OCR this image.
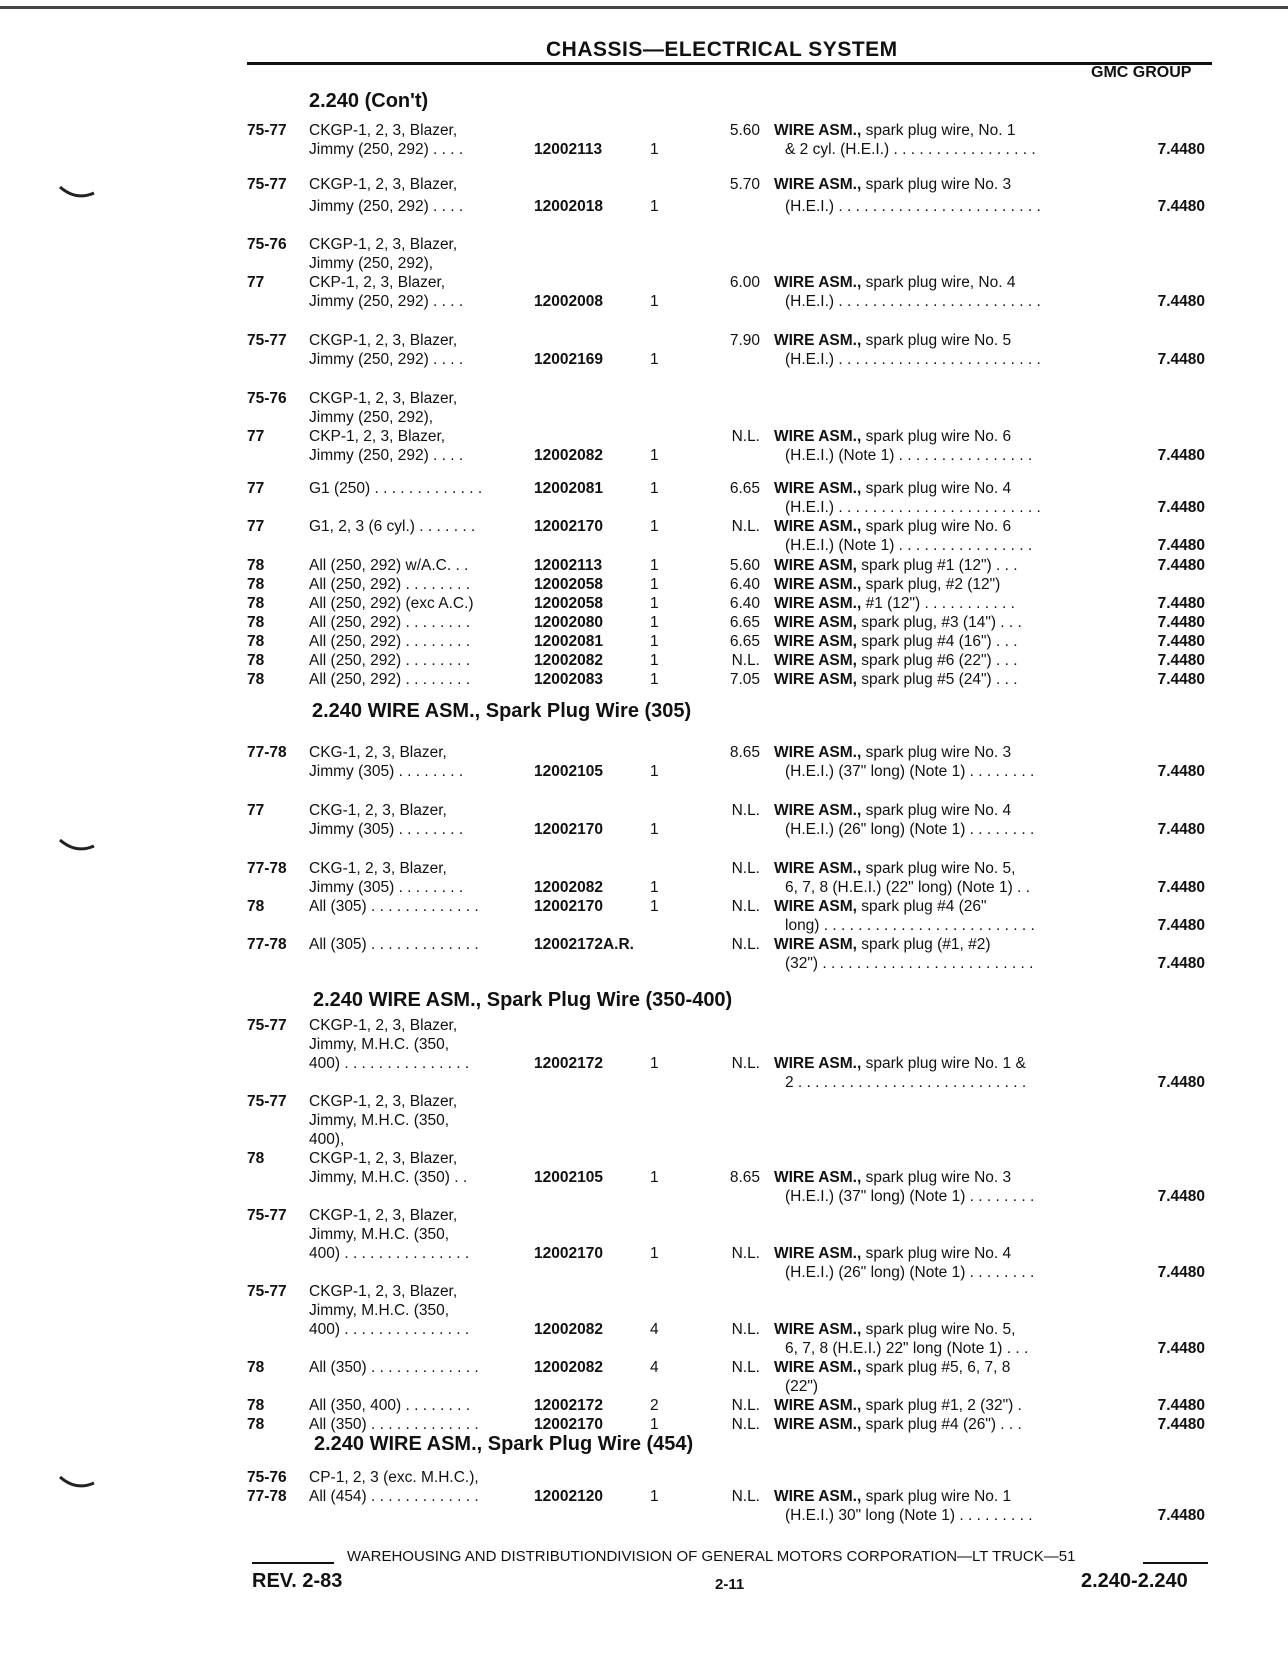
CHASSIS—ELECTRICAL SYSTEM
GMC GROUP
2.240 (Con't)
75-77 CKGP-1, 2, 3, Blazer,	5.60 WIRE ASM., spark plug wire, No. 1
Jimmy (250, 292) . . . .	12002113	1	& 2 cyl. (H.E.I.) . . . . . . . . . . . . . . . . .	7.4480
75-77 CKGP-1, 2, 3, Blazer,	5.70 WIRE ASM., spark plug wire No. 3
Jimmy (250, 292) . . . .	12002018	1	(H.E.I.) . . . . . . . . . . . . . . . . . . . . . . . .	7.4480
75-76 CKGP-1, 2, 3, Blazer,
Jimmy (250, 292),
77	CKP-1, 2, 3, Blazer,	6.00 WIRE ASM., spark plug wire, No. 4
Jimmy (250, 292) . . . .	12002008	1	(H.E.I.) . . . . . . . . . . . . . . . . . . . . . . . .	7.4480
75-77 CKGP-1, 2, 3, Blazer,	7.90 WIRE ASM., spark plug wire No. 5
Jimmy (250, 292) . . . .	12002169	1	(H.E.I.) . . . . . . . . . . . . . . . . . . . . . . . .	7.4480
75-76 CKGP-1, 2, 3, Blazer,
Jimmy (250, 292),
77	CKP-1, 2, 3, Blazer,	N.L. WIRE ASM., spark plug wire No. 6
Jimmy (250, 292) . . . .	12002082	1	(H.E.I.) (Note 1) . . . . . . . . . . . . . . . .	7.4480
77	G1 (250) . . . . . . . . . . . . .	12002081	1	6.65 WIRE ASM., spark plug wire No. 4
(H.E.I.) . . . . . . . . . . . . . . . . . . . . . . . .	7.4480
77	G1, 2, 3 (6 cyl.) . . . . . . .	12002170	1	N.L. WIRE ASM., spark plug wire No. 6
(H.E.I.) (Note 1) . . . . . . . . . . . . . . . .	7.4480
78	All (250, 292) w/A.C. . .	12002113	1	5.60 WIRE ASM, spark plug #1 (12") . . .	7.4480
78	All (250, 292) . . . . . . . .	12002058	1	6.40 WIRE ASM., spark plug, #2 (12")
78	All (250, 292) (exc A.C.)	12002058	1	6.40 WIRE ASM., #1 (12") . . . . . . . . . . .	7.4480
78	All (250, 292) . . . . . . . .	12002080	1	6.65 WIRE ASM, spark plug, #3 (14") . . .	7.4480
78	All (250, 292) . . . . . . . .	12002081	1	6.65 WIRE ASM, spark plug #4 (16") . . .	7.4480
78	All (250, 292) . . . . . . . .	12002082	1	N.L. WIRE ASM, spark plug #6 (22") . . .	7.4480
78	All (250, 292) . . . . . . . .	12002083	1	7.05 WIRE ASM, spark plug #5 (24") . . .	7.4480
77-78 CKG-1, 2, 3, Blazer,	8.65 WIRE ASM., spark plug wire No. 3
Jimmy (305) . . . . . . . .	12002105	1	(H.E.I.) (37" long) (Note 1) . . . . . . . .	7.4480
77	CKG-1, 2, 3, Blazer,	N.L. WIRE ASM., spark plug wire No. 4
Jimmy (305) . . . . . . . .	12002170	1	(H.E.I.) (26" long) (Note 1) . . . . . . . .	7.4480
77-78 CKG-1, 2, 3, Blazer,	N.L. WIRE ASM., spark plug wire No. 5,
Jimmy (305) . . . . . . . .	12002082	1	6, 7, 8 (H.E.I.) (22" long) (Note 1) . .	7.4480
78	All (305) . . . . . . . . . . . . .	12002170	1	N.L. WIRE ASM, spark plug #4 (26"
long) . . . . . . . . . . . . . . . . . . . . . . . . .	7.4480
77-78 All (305) . . . . . . . . . . . . .	12002172A.R.	N.L. WIRE ASM, spark plug (#1, #2)
(32") . . . . . . . . . . . . . . . . . . . . . . . . .	7.4480
75-77 CKGP-1, 2, 3, Blazer,
Jimmy, M.H.C. (350,
400) . . . . . . . . . . . . . . .	12002172	1	N.L. WIRE ASM., spark plug wire No. 1 &
2 . . . . . . . . . . . . . . . . . . . . . . . . . . .	7.4480
75-77 CKGP-1, 2, 3, Blazer,
Jimmy, M.H.C. (350,
400),
78	CKGP-1, 2, 3, Blazer,
Jimmy, M.H.C. (350) . .	12002105	1	8.65 WIRE ASM., spark plug wire No. 3
(H.E.I.) (37" long) (Note 1) . . . . . . . .	7.4480
75-77 CKGP-1, 2, 3, Blazer,
Jimmy, M.H.C. (350,
400) . . . . . . . . . . . . . . .	12002170	1	N.L. WIRE ASM., spark plug wire No. 4
(H.E.I.) (26" long) (Note 1) . . . . . . . .	7.4480
75-77 CKGP-1, 2, 3, Blazer,
Jimmy, M.H.C. (350,
400) . . . . . . . . . . . . . . .	12002082	4	N.L. WIRE ASM., spark plug wire No. 5,
6, 7, 8 (H.E.I.) 22" long (Note 1) . . .	7.4480
78	All (350) . . . . . . . . . . . . .	12002082	4	N.L. WIRE ASM., spark plug #5, 6, 7, 8
(22")
78	All (350, 400) . . . . . . . .	12002172	2	N.L. WIRE ASM., spark plug #1, 2 (32") .	7.4480
78	All (350) . . . . . . . . . . . . .	12002170	1	N.L. WIRE ASM., spark plug #4 (26") . . .	7.4480
75-76 CP-1, 2, 3 (exc. M.H.C.),
77-78 All (454) . . . . . . . . . . . . .	12002120	1	N.L. WIRE ASM., spark plug wire No. 1
(H.E.I.) 30" long (Note 1) . . . . . . . . .	7.4480
2.240 WIRE ASM., Spark Plug Wire (305)
2.240 WIRE ASM., Spark Plug Wire (350-400)
2.240 WIRE ASM., Spark Plug Wire (454)
WAREHOUSING AND DISTRIBUTIONDIVISION OF GENERAL MOTORS CORPORATION—LT TRUCK—51
REV. 2-83	2-11	2.240-2.240
